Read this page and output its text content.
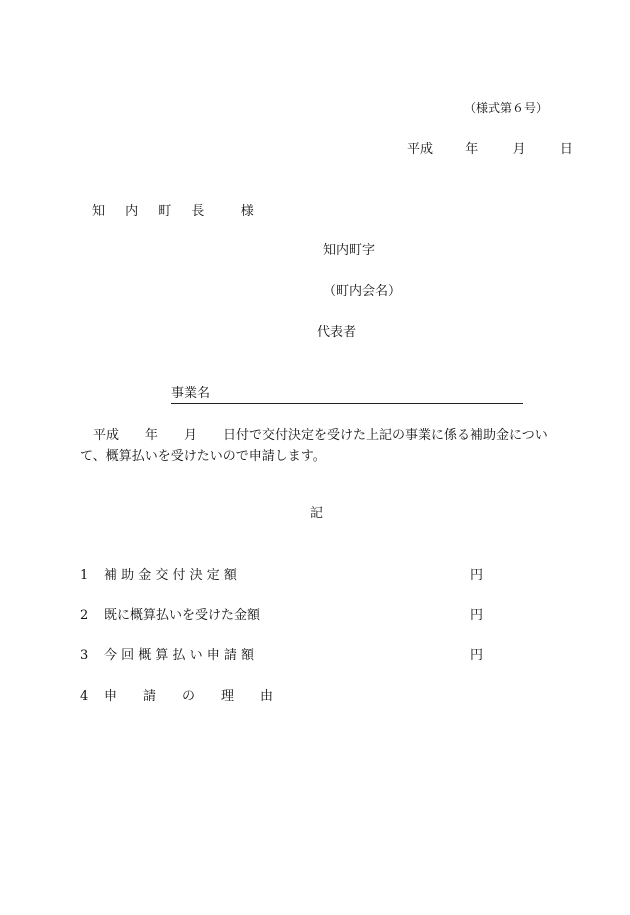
（様式第６号）
平成 年	月	日
知 内 町 長 様
知内町字
（町内会名）
代表者
事業名
　平成　　年　　月　　日付で交付決定を受けた上記の事業に係る補助金について、概算払いを受けたいので申請します。
記
1 補 助 金 交 付 決 定 額	円
2 既に概算払いを受けた金額	円
3 今 回 概 算 払 い 申 請 額	円
4 申　　請　　の　　理　　由
